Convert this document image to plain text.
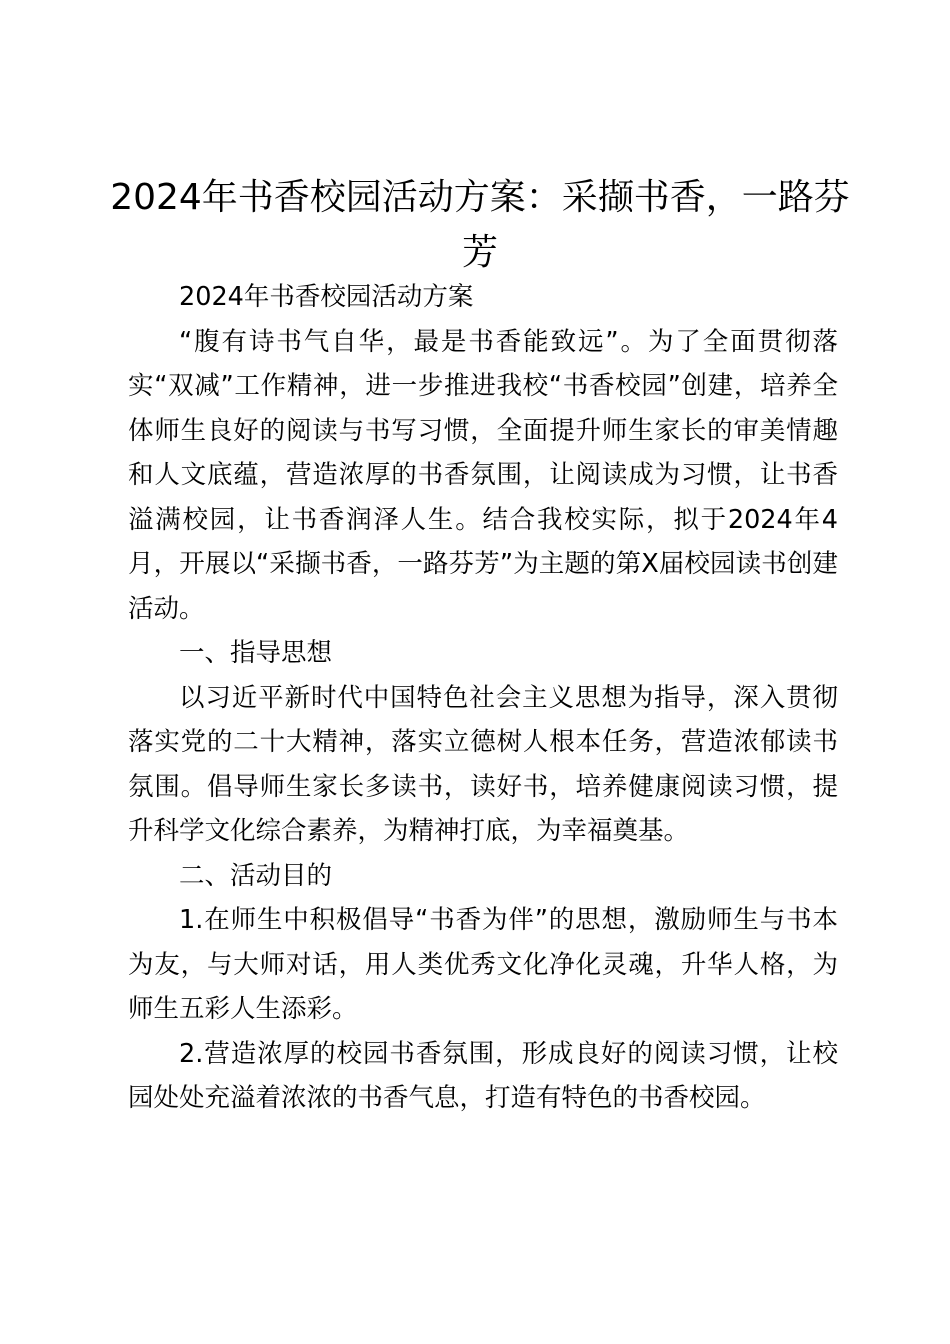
2024年书香校园活动方案：采撷书香，一路芬芳

2024年书香校园活动方案

“腹有诗书气自华，最是书香能致远”。为了全面贯彻落实“双减”工作精神，进一步推进我校“书香校园”创建，培养全体师生良好的阅读与书写习惯，全面提升师生家长的审美情趣和人文底蕴，营造浓厚的书香氛围，让阅读成为习惯，让书香溢满校园，让书香润泽人生。结合我校实际，拟于2024年4月，开展以“采撷书香，一路芬芳”为主题的第X届校园读书创建活动。

一、指导思想

以习近平新时代中国特色社会主义思想为指导，深入贯彻落实党的二十大精神，落实立德树人根本任务，营造浓郁读书氛围。倡导师生家长多读书，读好书，培养健康阅读习惯，提升科学文化综合素养，为精神打底，为幸福奠基。

二、活动目的

1.在师生中积极倡导“书香为伴”的思想，激励师生与书本为友，与大师对话，用人类优秀文化净化灵魂，升华人格，为师生五彩人生添彩。

2.营造浓厚的校园书香氛围，形成良好的阅读习惯，让校园处处充溢着浓浓的书香气息，打造有特色的书香校园。
